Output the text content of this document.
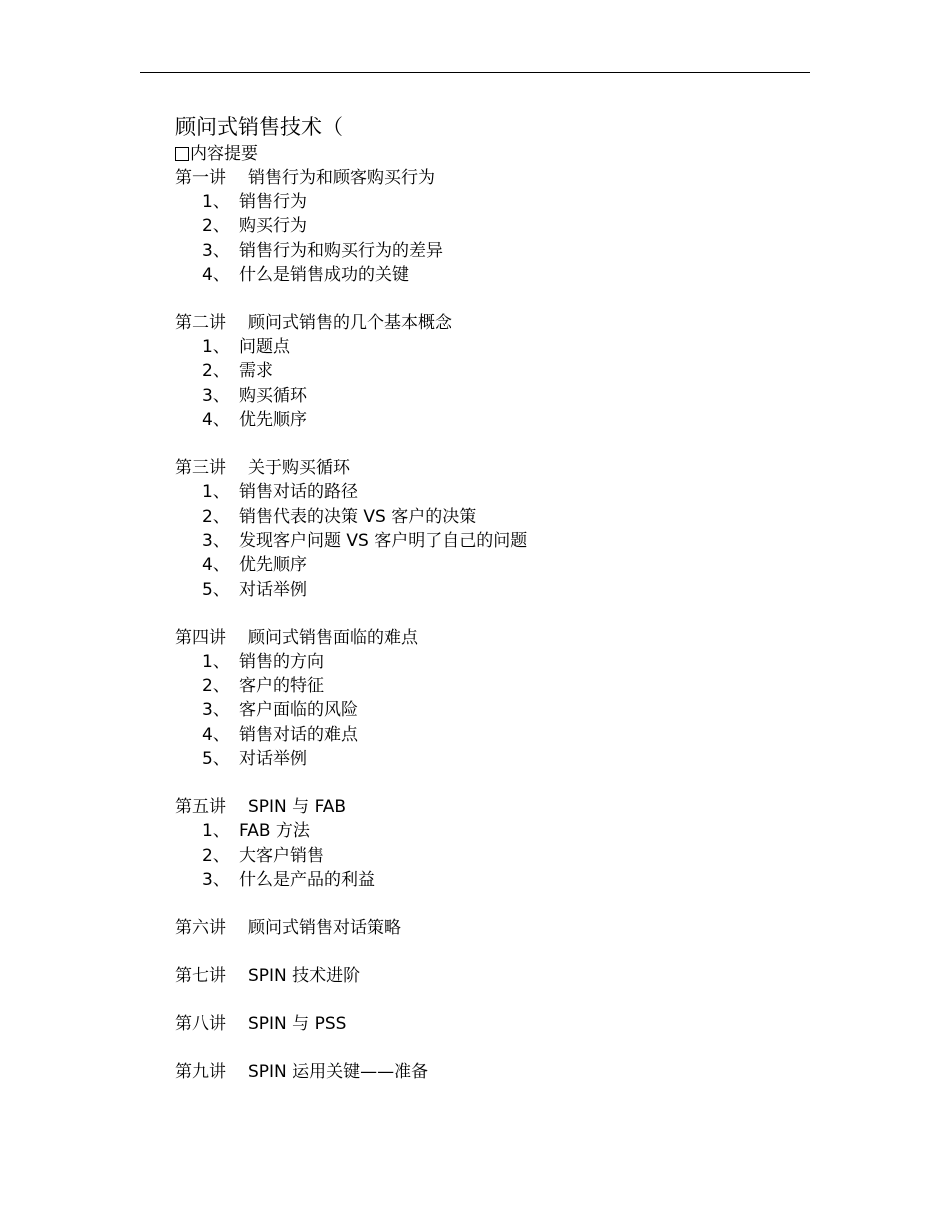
顾问式销售技术（
内容提要
第一讲 销售行为和顾客购买行为
1、 销售行为
2、 购买行为
3、 销售行为和购买行为的差异
4、 什么是销售成功的关键
第二讲 顾问式销售的几个基本概念
1、 问题点
2、 需求
3、 购买循环
4、 优先顺序
第三讲 关于购买循环
1、 销售对话的路径
2、 销售代表的决策 VS 客户的决策
3、 发现客户问题 VS 客户明了自己的问题
4、 优先顺序
5、 对话举例
第四讲 顾问式销售面临的难点
1、 销售的方向
2、 客户的特征
3、 客户面临的风险
4、 销售对话的难点
5、 对话举例
第五讲 SPIN 与 FAB
1、 FAB 方法
2、 大客户销售
3、 什么是产品的利益
第六讲 顾问式销售对话策略
第七讲 SPIN 技术进阶
第八讲 SPIN 与 PSS
第九讲 SPIN 运用关键——准备
